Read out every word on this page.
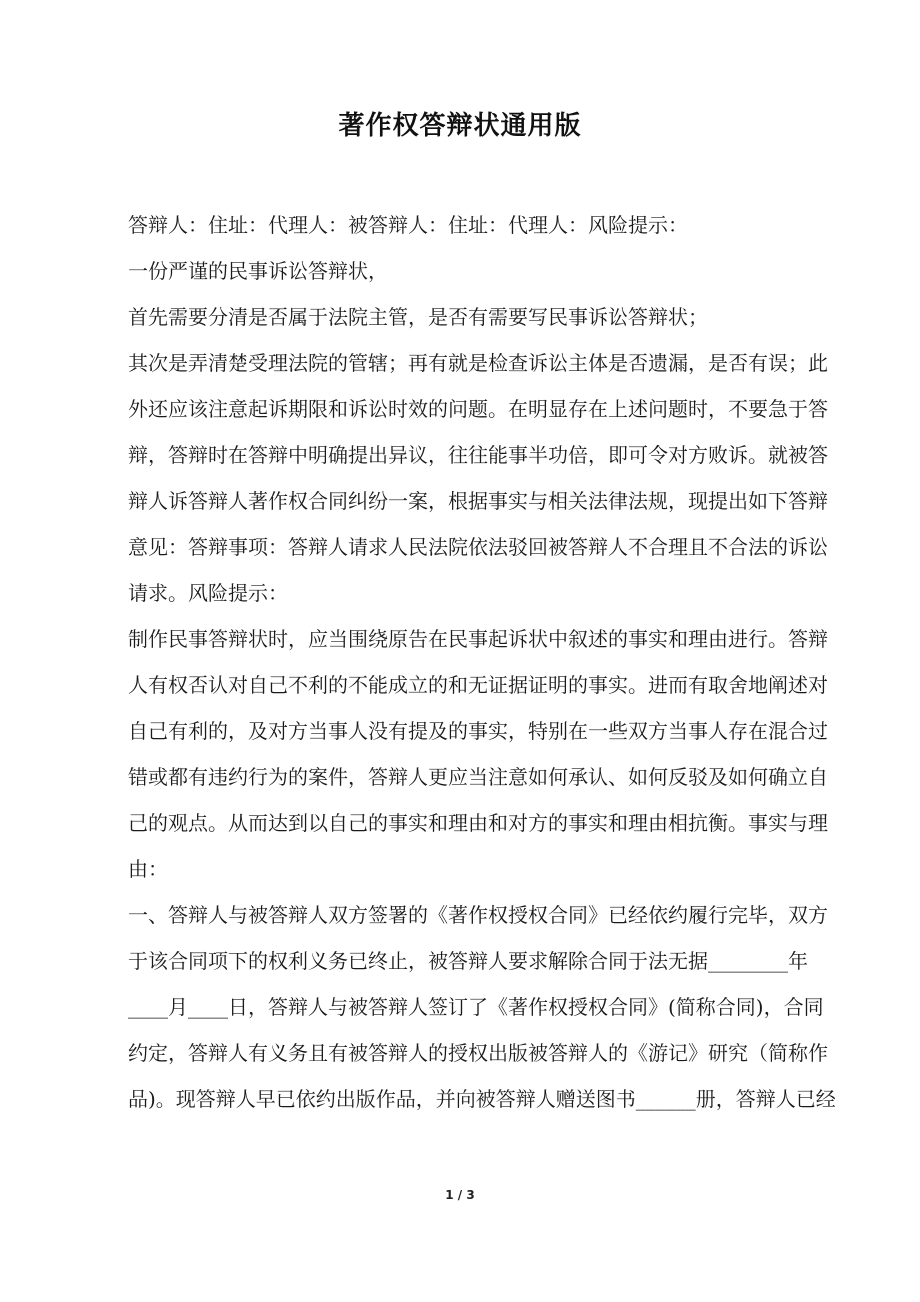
著作权答辩状通用版
答辩人：住址：代理人：被答辩人：住址：代理人：风险提示：
一份严谨的民事诉讼答辩状，
首先需要分清是否属于法院主管，是否有需要写民事诉讼答辩状；
其次是弄清楚受理法院的管辖；再有就是检查诉讼主体是否遗漏，是否有误；此
外还应该注意起诉期限和诉讼时效的问题。在明显存在上述问题时，不要急于答
辩，答辩时在答辩中明确提出异议，往往能事半功倍，即可令对方败诉。就被答
辩人诉答辩人著作权合同纠纷一案，根据事实与相关法律法规，现提出如下答辩
意见：答辩事项：答辩人请求人民法院依法驳回被答辩人不合理且不合法的诉讼
请求。风险提示：
制作民事答辩状时，应当围绕原告在民事起诉状中叙述的事实和理由进行。答辩
人有权否认对自己不利的不能成立的和无证据证明的事实。进而有取舍地阐述对
自己有利的，及对方当事人没有提及的事实，特别在一些双方当事人存在混合过
错或都有违约行为的案件，答辩人更应当注意如何承认、如何反驳及如何确立自
己的观点。从而达到以自己的事实和理由和对方的事实和理由相抗衡。事实与理
由：
一、答辩人与被答辩人双方签署的《著作权授权合同》已经依约履行完毕，双方
于该合同项下的权利义务已终止，被答辩人要求解除合同于法无据________年
____月____日，答辩人与被答辩人签订了《著作权授权合同》(简称合同)，合同
约定，答辩人有义务且有被答辩人的授权出版被答辩人的《游记》研究（简称作
品)。现答辩人早已依约出版作品，并向被答辩人赠送图书______册，答辩人已经
1 / 3
